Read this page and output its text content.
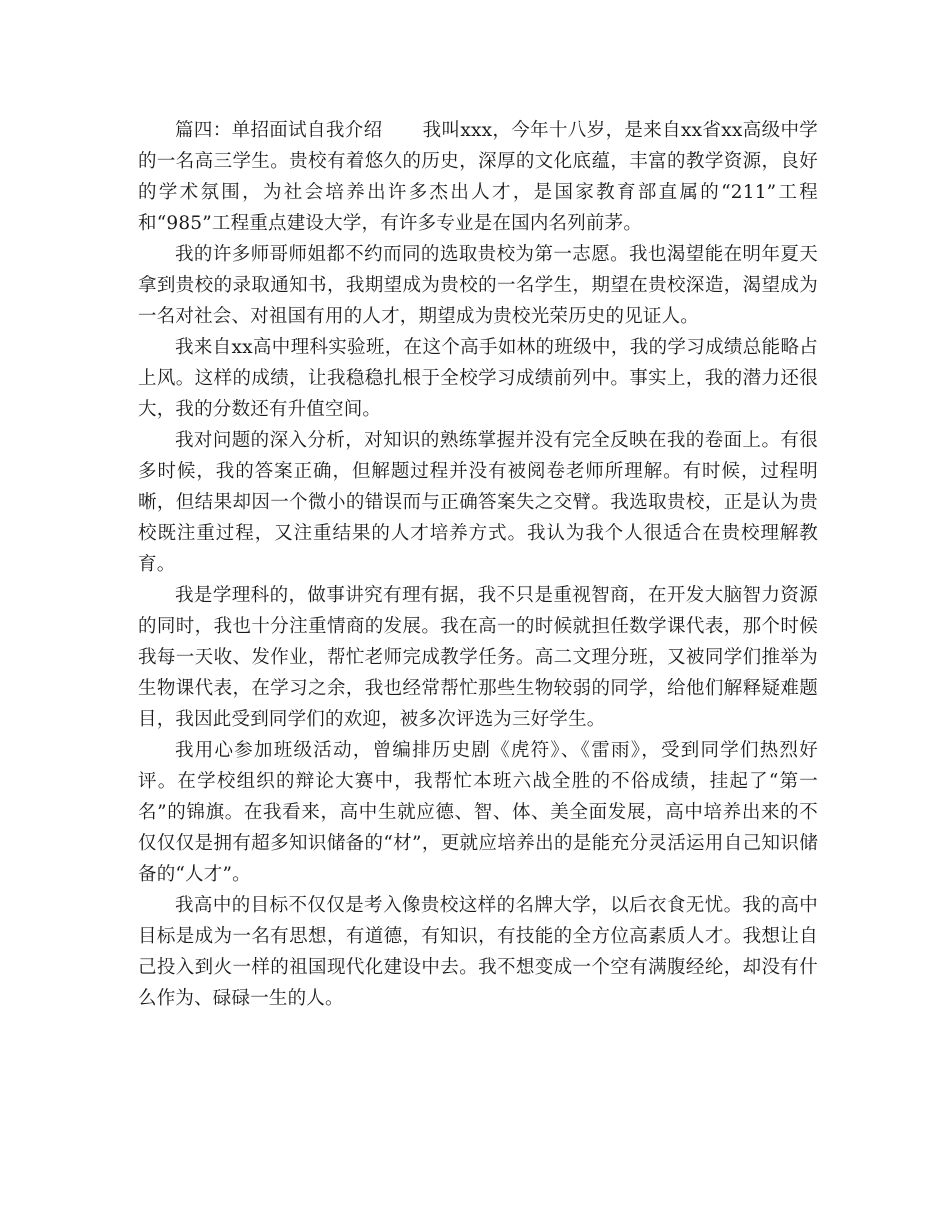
篇四：单招面试自我介绍 我叫xxx，今年十八岁，是来自xx省xx高级中学的一名高三学生。贵校有着悠久的历史，深厚的文化底蕴，丰富的教学资源，良好的学术氛围，为社会培养出许多杰出人才，是国家教育部直属的“211”工程和“985”工程重点建设大学，有许多专业是在国内名列前茅。

我的许多师哥师姐都不约而同的选取贵校为第一志愿。我也渴望能在明年夏天拿到贵校的录取通知书，我期望成为贵校的一名学生，期望在贵校深造，渴望成为一名对社会、对祖国有用的人才，期望成为贵校光荣历史的见证人。

我来自xx高中理科实验班，在这个高手如林的班级中，我的学习成绩总能略占上风。这样的成绩，让我稳稳扎根于全校学习成绩前列中。事实上，我的潜力还很大，我的分数还有升值空间。

我对问题的深入分析，对知识的熟练掌握并没有完全反映在我的卷面上。有很多时候，我的答案正确，但解题过程并没有被阅卷老师所理解。有时候，过程明晰，但结果却因一个微小的错误而与正确答案失之交臂。我选取贵校，正是认为贵校既注重过程，又注重结果的人才培养方式。我认为我个人很适合在贵校理解教育。

我是学理科的，做事讲究有理有据，我不只是重视智商，在开发大脑智力资源的同时，我也十分注重情商的发展。我在高一的时候就担任数学课代表，那个时候我每一天收、发作业，帮忙老师完成教学任务。高二文理分班，又被同学们推举为生物课代表，在学习之余，我也经常帮忙那些生物较弱的同学，给他们解释疑难题目，我因此受到同学们的欢迎，被多次评选为三好学生。

我用心参加班级活动，曾编排历史剧《虎符》、《雷雨》，受到同学们热烈好评。在学校组织的辩论大赛中，我帮忙本班六战全胜的不俗成绩，挂起了“第一名”的锦旗。在我看来，高中生就应德、智、体、美全面发展，高中培养出来的不仅仅仅是拥有超多知识储备的“材”，更就应培养出的是能充分灵活运用自己知识储备的“人才”。

我高中的目标不仅仅是考入像贵校这样的名牌大学，以后衣食无忧。我的高中目标是成为一名有思想，有道德，有知识，有技能的全方位高素质人才。我想让自己投入到火一样的祖国现代化建设中去。我不想变成一个空有满腹经纶，却没有什么作为、碌碌一生的人。
